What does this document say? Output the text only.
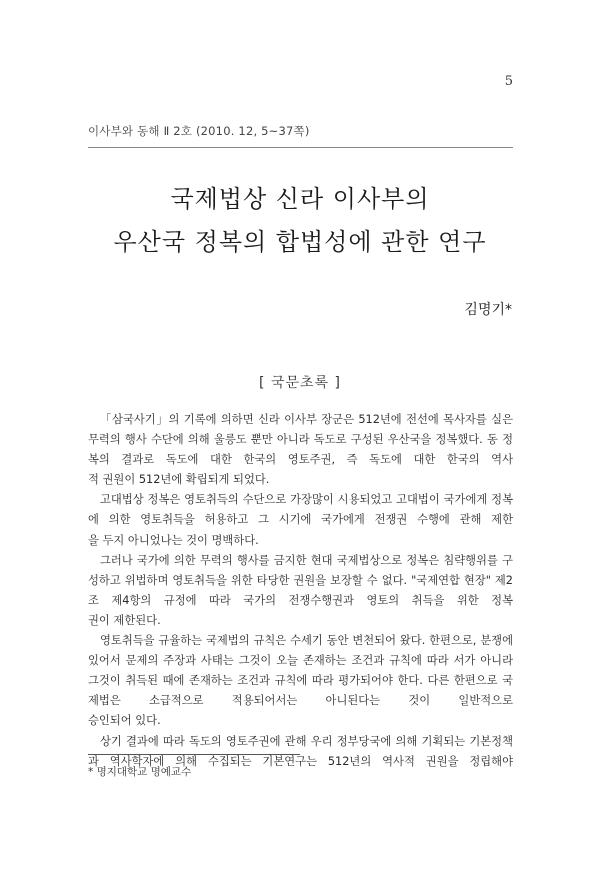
5
이사부와 동해 Ⅱ 2호 (2010. 12, 5~37쪽)
국제법상 신라 이사부의
우산국 정복의 합법성에 관한 연구
김명기*
[ 국문초록 ]

「삼국사기」의 기록에 의하면 신라 이사부 장군은 512년에 전선에 목사자를 실은 무력의 행사 수단에 의해 울릉도 뿐만 아니라 독도로 구성된 우산국을 정복했다. 동 정복의 결과로 독도에 대한 한국의 영토주권, 즉 독도에 대한 한국의 역사
적 권원이 512년에 확립되게 되었다.

고대법상 정복은 영토취득의 수단으로 가장많이 시용되었고 고대법이 국가에게 정복에 의한 영토취득을 허용하고 그 시기에 국가에게 전쟁권 수행에 관해 제한
을 두지 아니었나는 것이 명백하다.

그러나 국가에 의한 무력의 행사를 금지한 현대 국제법상으로 정복은 침략행위를 구성하고 위법하며 영토취득을 위한 타당한 권원을 보장할 수 없다. "국제연합 현장" 제2조 제4항의 규정에 따라 국가의 전쟁수행권과 영토의 취득을 위한 정복
권이 제한된다.

영토취득을 규율하는 국제법의 규칙은 수세기 동안 변천되어 왔다. 한편으로, 분쟁에 있어서 문제의 주장과 사태는 그것이 오늘 존재하는 조건과 규칙에 따라 서가 아니라 그것이 취득된 때에 존재하는 조건과 규칙에 따라 평가되어야 한다. 다른 한편으로 국제법은 소급적으로 적용되어서는 아니된다는 것이 일반적으로
승인되어 있다.

상기 결과에 따라 독도의 영토주권에 관해 우리 정부당국에 의해 기획되는 기본정책과 역사학자에 의해 수집되는 기본연구는 512년의 역사적 권원을 정립해야

* 명지대학교 명예교수
